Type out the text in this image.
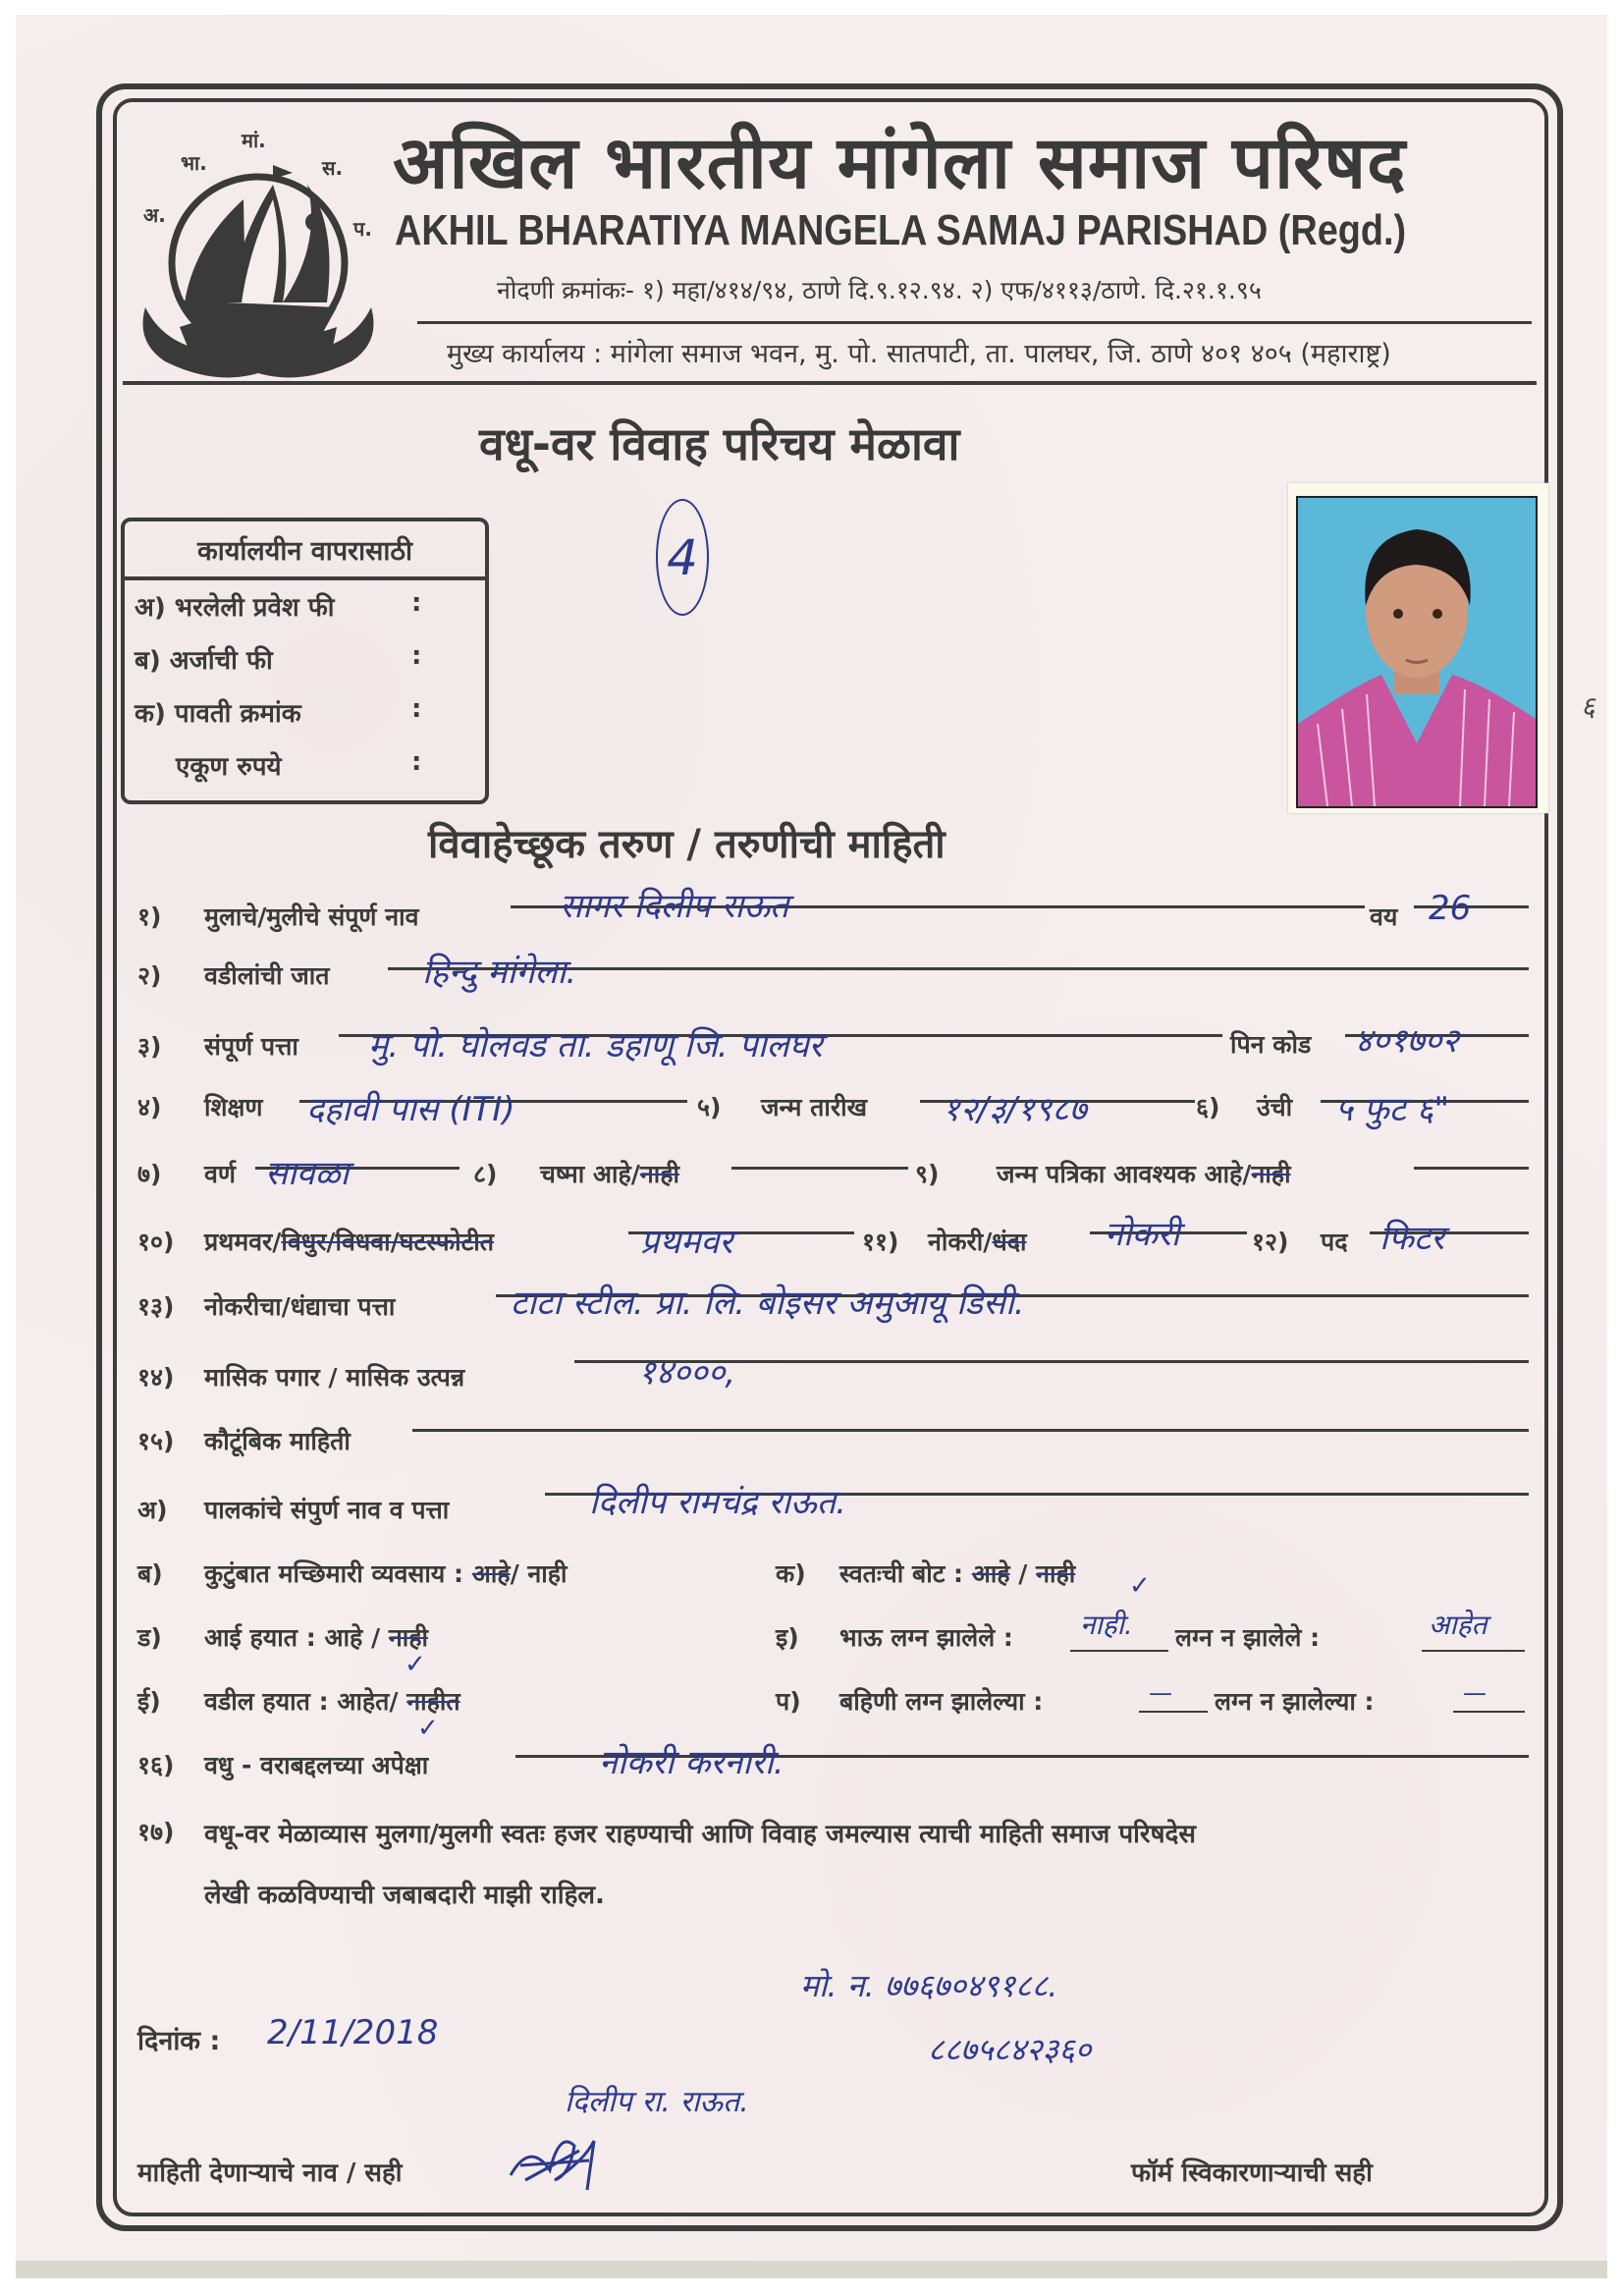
अ.
भा.
मां.
स.
प.
अखिल भारतीय मांगेला समाज परिषद
AKHIL BHARATIYA MANGELA SAMAJ PARISHAD (Regd.)
नोदणी क्रमांकः- १) महा/४१४/९४, ठाणे दि.९.१२.९४. २) एफ/४११३/ठाणे. दि.२१.१.९५
मुख्य कार्यालय : मांगेला समाज भवन, मु. पो. सातपाटी, ता. पालघर, जि. ठाणे ४०१ ४०५ (महाराष्ट्र)
वधू-वर विवाह परिचय मेळावा
4
कार्यालयीन वापरासाठी
अ) भरलेली प्रवेश फी	:
ब) अर्जाची फी	:
क) पावती क्रमांक	:
एकूण रुपये	:
६
विवाहेच्छूक तरुण / तरुणीची माहिती
१) मुलाचे/मुलीचे संपूर्ण नाव	सागर दिलीप राऊत	वय 26
२) वडीलांची जात	हिन्दु मांगेला.
३) संपूर्ण पत्ता मु. पो. घोलवड ता. डहाणू जि. पालघर	पिन कोड ४०१७०२
४) शिक्षण दहावी पास (ITI)	५) जन्म तारीख १२/३/१९८७	६) उंची ५ फुट ६"
७) वर्ण सावळा	८) चष्मा आहे/नाही	९) जन्म पत्रिका आवश्यक आहे/नाही
१०) प्रथमवर/विधुर/विधवा/घटस्फोटीत	प्रथमवर	११) नोकरी/धंदा नोकरी	१२) पद फिटर
१३) नोकरीचा/धंद्याचा पत्ता	टाटा स्टील. प्रा. लि. बोइसर अमुआयू डिसी.
१४) मासिक पगार / मासिक उत्पन्न	१४०००,
१५) कौटूंबिक माहिती
अ) पालकांचे संपुर्ण नाव व पत्ता	दिलीप रामचंद्र राऊत.
ब) कुटुंबात मच्छिमारी व्यवसाय : आहे/ नाही	क) स्वतःची बोट : आहे / नाही ✓
ड) आई हयात : आहे / नाही
✓
इ) भाऊ लग्न झालेले : नाही. लग्न न झालेले :	आहेत
ई) वडील हयात : आहेत/ नाहीत
✓
प) बहिणी लग्न झालेल्या :	— लग्न न झालेल्या :	—
१६) वधु - वराबद्दलच्या अपेक्षा	नोकरी करनारी.
१७) वधू-वर मेळाव्यास मुलगा/मुलगी स्वतः हजर राहण्याची आणि विवाह जमल्यास त्याची माहिती समाज परिषदेस
लेखी कळविण्याची जबाबदारी माझी राहिल.
मो. न. ७७६७०४९१८८.
८८७५८४२३६०
दिनांक : 2/11/2018
दिलीप रा. राऊत.
माहिती देणाऱ्याचे नाव / सही	फॉर्म स्विकारणाऱ्याची सही
